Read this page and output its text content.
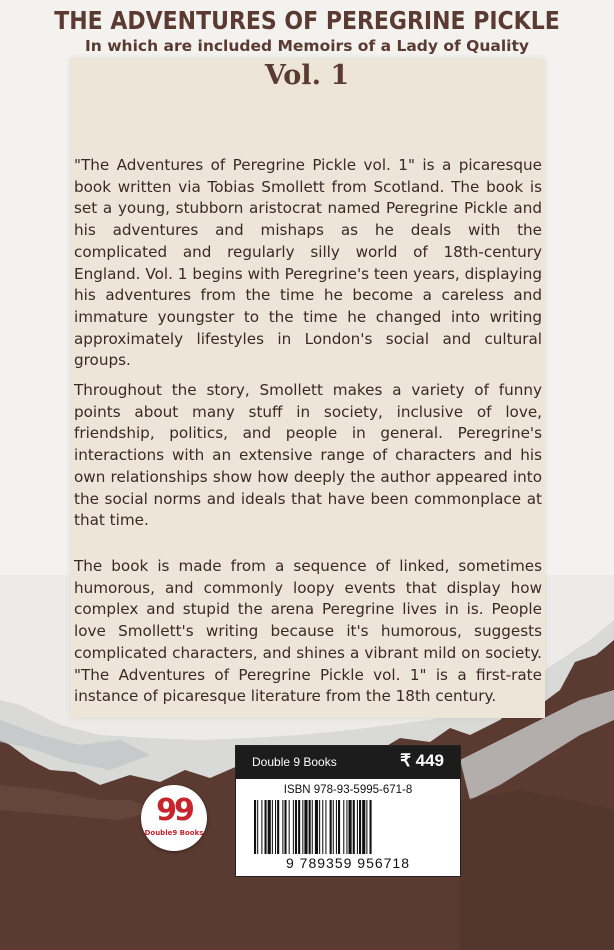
THE ADVENTURES OF PEREGRINE PICKLE
In which are included Memoirs of a Lady of Quality
Vol. 1

"The Adventures of Peregrine Pickle vol. 1" is a picaresque book written via Tobias Smollett from Scotland. The book is set a young, stubborn aristocrat named Peregrine Pickle and his adventures and mishaps as he deals with the complicated and regularly silly world of 18th-century England. Vol. 1 begins with Peregrine's teen years, displaying his adventures from the time he become a careless and immature youngster to the time he changed into writing approximately lifestyles in London's social and cultural groups.

Throughout the story, Smollett makes a variety of funny points about many stuff in society, inclusive of love, friendship, politics, and people in general. Peregrine's interactions with an extensive range of characters and his own relationships show how deeply the author appeared into the social norms and ideals that have been commonplace at that time.

The book is made from a sequence of linked, sometimes humorous, and commonly loopy events that display how complex and stupid the arena Peregrine lives in is. People love Smollett's writing because it's humorous, suggests complicated characters, and shines a vibrant mild on society. "The Adventures of Peregrine Pickle vol. 1" is a first-rate instance of picaresque literature from the 18th century.

99
Double9 Books
Double 9 Books	₹ 449
ISBN 978-93-5995-671-8
9 789359 956718
